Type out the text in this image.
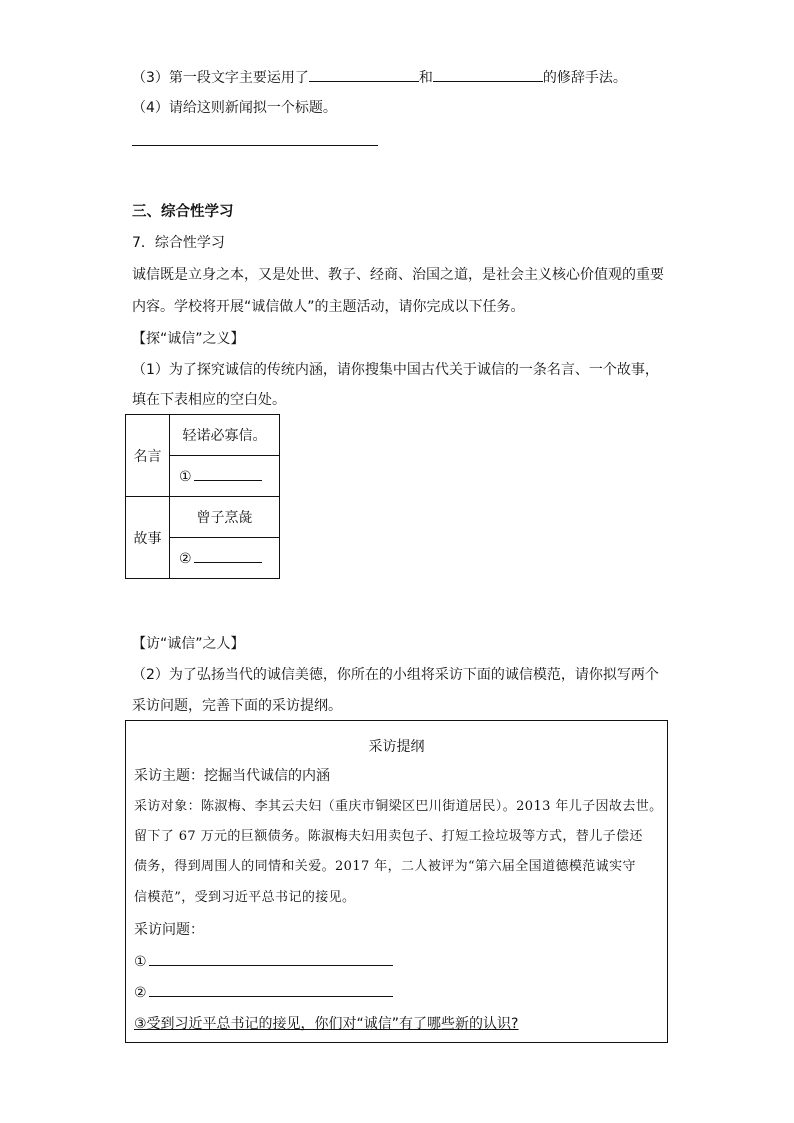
（3）第一段文字主要运用了	和	的修辞手法。
（4）请给这则新闻拟一个标题。
三、综合性学习
7．综合性学习
诚信既是立身之本，又是处世、教子、经商、治国之道，是社会主义核心价值观的重要
内容。学校将开展“诚信做人”的主题活动，请你完成以下任务。
【探“诚信”之义】
（1）为了探究诚信的传统内涵，请你搜集中国古代关于诚信的一条名言、一个故事，
填在下表相应的空白处。
名言	轻诺必寡信。
	①
故事	曾子烹彘
	②
【访“诚信”之人】
（2）为了弘扬当代的诚信美德，你所在的小组将采访下面的诚信模范，请你拟写两个
采访问题，完善下面的采访提纲。
采访提纲
采访主题：挖掘当代诚信的内涵
采访对象：陈淑梅、李其云夫妇（重庆市铜梁区巴川街道居民）。2013 年儿子因故去世。
留下了 67 万元的巨额债务。陈淑梅夫妇用卖包子、打短工捡垃圾等方式，替儿子偿还
债务，得到周围人的同情和关爱。2017 年，二人被评为“第六届全国道德模范诚实守
信模范”，受到习近平总书记的接见。
采访问题：
①
②
③受到习近平总书记的接见，你们对“诚信”有了哪些新的认识?
